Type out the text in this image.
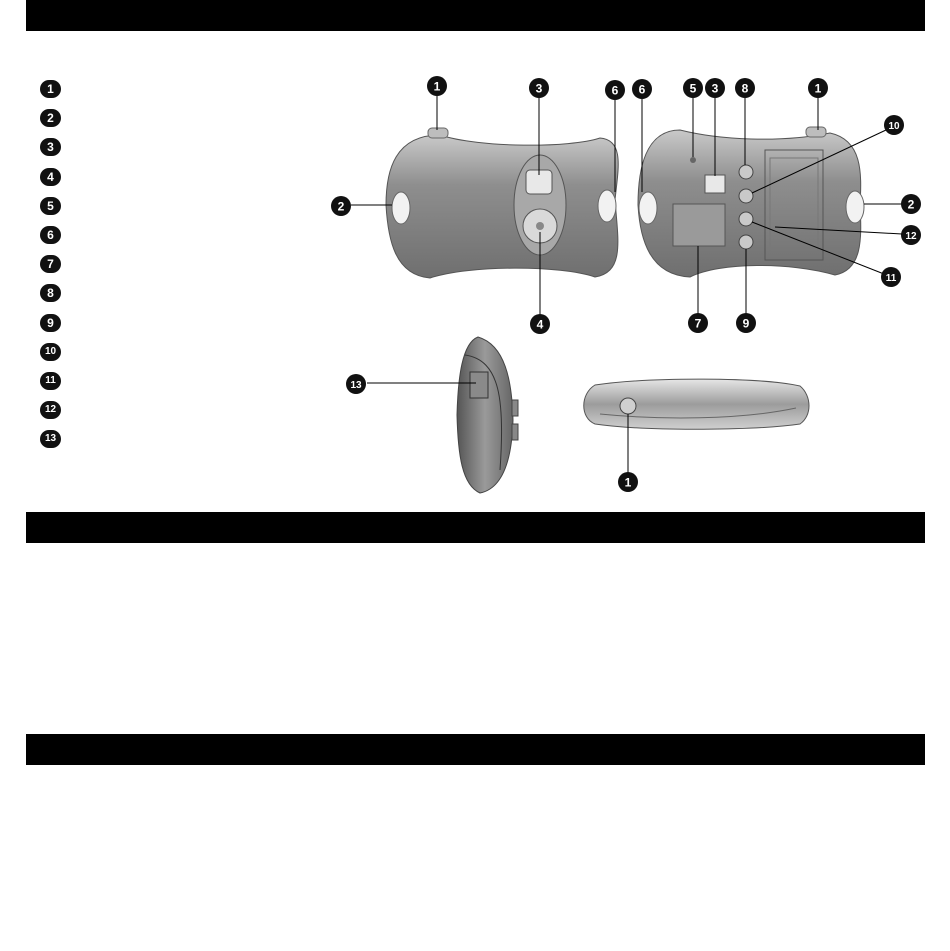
1
2
3
4
5
6
7
8
9
10
11
12
13
1	3	6
2
4
6	5 3 8	1
10
2
12
11
7	9
13
1
